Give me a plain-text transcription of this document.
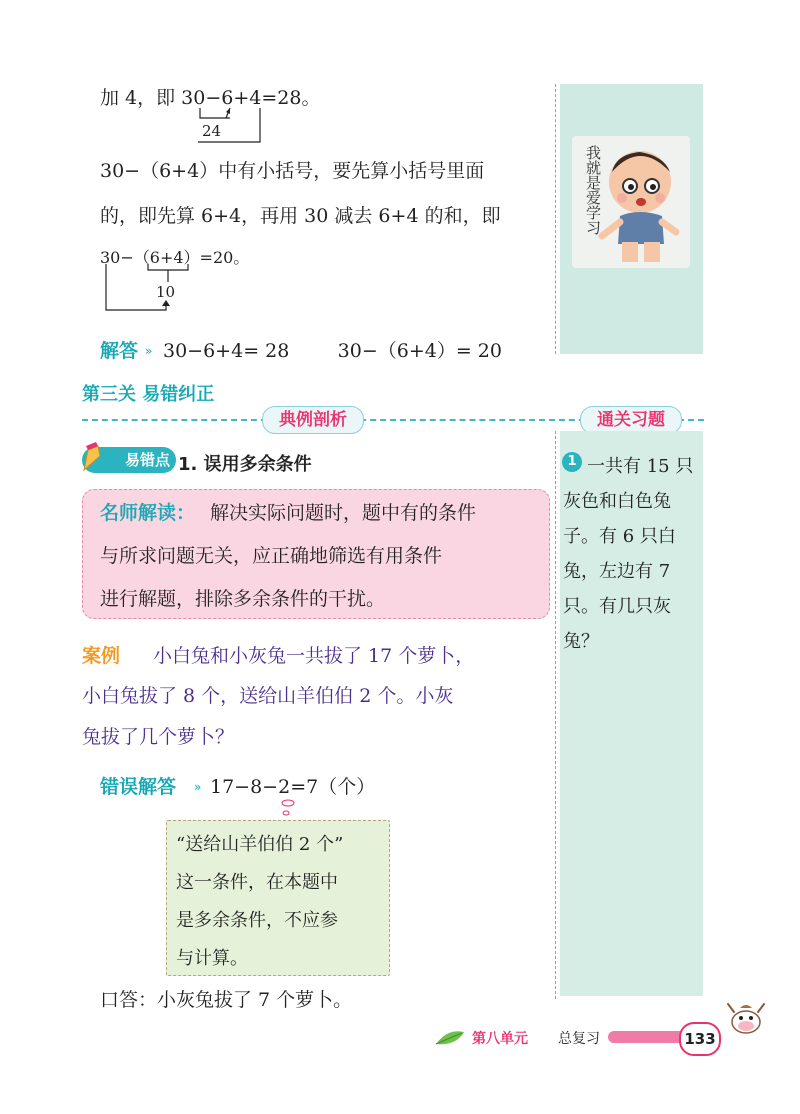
我就是爱学习
加 4，即 30−6+4=28。
24
30−（6+4）中有小括号，要先算小括号里面
的，即先算 6+4，再用 30 减去 6+4 的和，即
30−（6+4）=20。
10
解答 » 30−6+4= 28        30−（6+4）= 20
第三关 易错纠正
典例剖析	通关习题
1 一共有 15 只
灰色和白色兔
子。有 6 只白
兔，左边有 7
只。有几只灰
兔？
易错点 1. 误用多余条件
名师解读： 解决实际问题时，题中有的条件
与所求问题无关，应正确地筛选有用条件
进行解题，排除多余条件的干扰。
案例 小白兔和小灰兔一共拔了 17 个萝卜，
小白兔拔了 8 个，送给山羊伯伯 2 个。小灰
兔拔了几个萝卜？
错误解答 » 17−8−2=7（个）
“送给山羊伯伯 2 个”
这一条件，在本题中
是多余条件，不应参
与计算。
口答：小灰兔拔了 7 个萝卜。
第八单元 总复习	133
